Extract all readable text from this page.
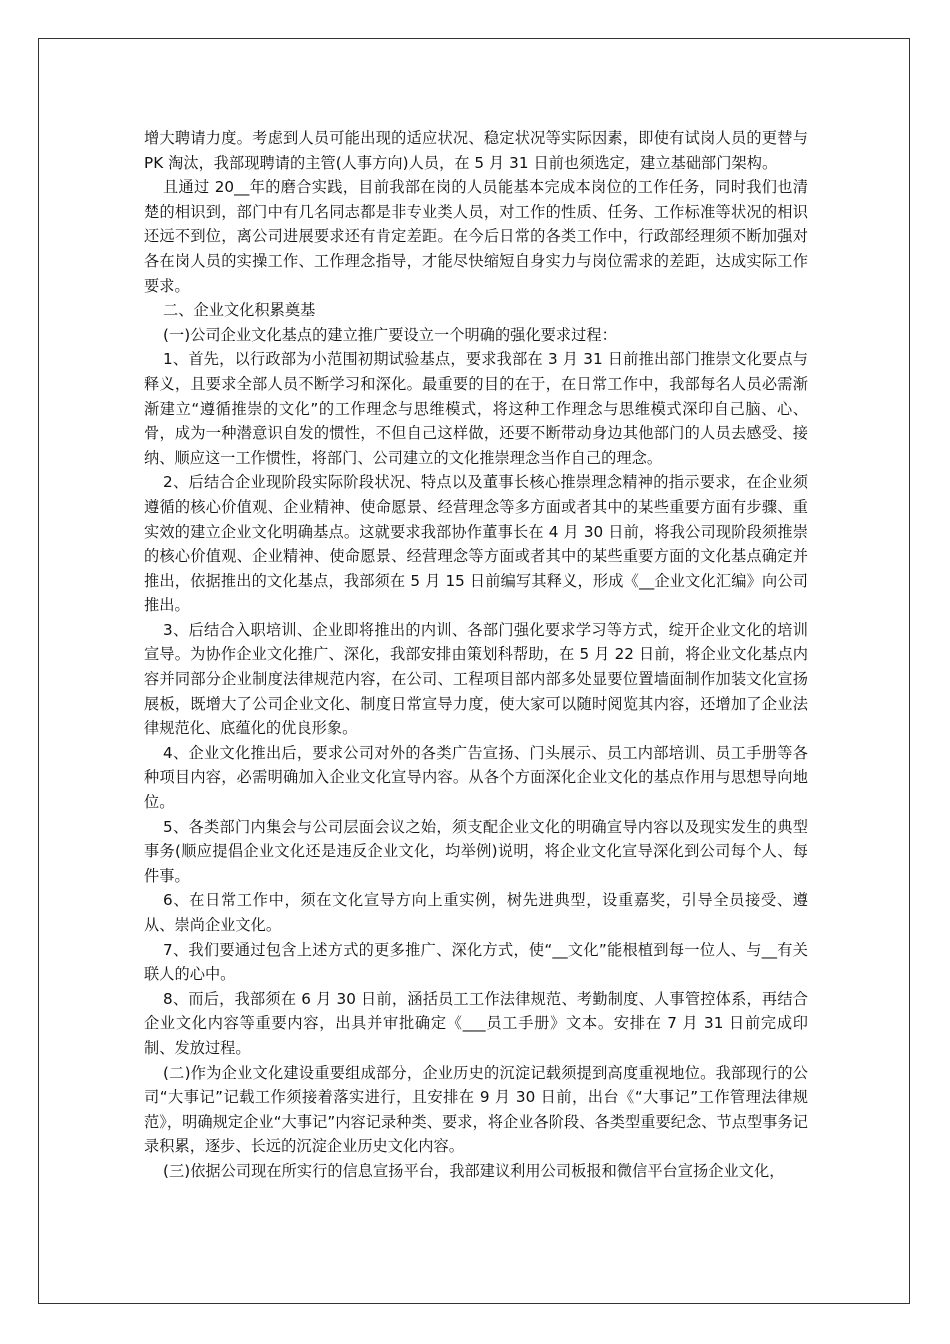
增大聘请力度。考虑到人员可能出现的适应状况、稳定状况等实际因素，即使有试岗人员的更替与 PK 淘汰，我部现聘请的主管(人事方向)人员，在 5 月 31 日前也须选定，建立基础部门架构。

且通过 20__年的磨合实践，目前我部在岗的人员能基本完成本岗位的工作任务，同时我们也清楚的相识到，部门中有几名同志都是非专业类人员，对工作的性质、任务、工作标准等状况的相识还远不到位，离公司进展要求还有肯定差距。在今后日常的各类工作中，行政部经理须不断加强对各在岗人员的实操工作、工作理念指导，才能尽快缩短自身实力与岗位需求的差距，达成实际工作要求。

二、企业文化积累奠基

(一)公司企业文化基点的建立推广要设立一个明确的强化要求过程：

1、首先，以行政部为小范围初期试验基点，要求我部在 3 月 31 日前推出部门推崇文化要点与释义，且要求全部人员不断学习和深化。最重要的目的在于，在日常工作中，我部每名人员必需渐渐建立“遵循推崇的文化”的工作理念与思维模式，将这种工作理念与思维模式深印自己脑、心、骨，成为一种潜意识自发的惯性，不但自己这样做，还要不断带动身边其他部门的人员去感受、接纳、顺应这一工作惯性，将部门、公司建立的文化推崇理念当作自己的理念。

2、后结合企业现阶段实际阶段状况、特点以及董事长核心推崇理念精神的指示要求，在企业须遵循的核心价值观、企业精神、使命愿景、经营理念等多方面或者其中的某些重要方面有步骤、重实效的建立企业文化明确基点。这就要求我部协作董事长在 4 月 30 日前，将我公司现阶段须推崇的核心价值观、企业精神、使命愿景、经营理念等方面或者其中的某些重要方面的文化基点确定并推出，依据推出的文化基点，我部须在 5 月 15 日前编写其释义，形成《__企业文化汇编》向公司推出。

3、后结合入职培训、企业即将推出的内训、各部门强化要求学习等方式，绽开企业文化的培训宣导。为协作企业文化推广、深化，我部安排由策划科帮助，在 5 月 22 日前，将企业文化基点内容并同部分企业制度法律规范内容，在公司、工程项目部内部多处显要位置墙面制作加装文化宣扬展板，既增大了公司企业文化、制度日常宣导力度，使大家可以随时阅览其内容，还增加了企业法律规范化、底蕴化的优良形象。

4、企业文化推出后，要求公司对外的各类广告宣扬、门头展示、员工内部培训、员工手册等各种项目内容，必需明确加入企业文化宣导内容。从各个方面深化企业文化的基点作用与思想导向地位。

5、各类部门内集会与公司层面会议之始，须支配企业文化的明确宣导内容以及现实发生的典型事务(顺应提倡企业文化还是违反企业文化，均举例)说明，将企业文化宣导深化到公司每个人、每件事。

6、在日常工作中，须在文化宣导方向上重实例，树先进典型，设重嘉奖，引导全员接受、遵从、崇尚企业文化。

7、我们要通过包含上述方式的更多推广、深化方式，使“__文化”能根植到每一位人、与__有关联人的心中。

8、而后，我部须在 6 月 30 日前，涵括员工工作法律规范、考勤制度、人事管控体系，再结合企业文化内容等重要内容，出具并审批确定《___员工手册》文本。安排在 7 月 31 日前完成印制、发放过程。

(二)作为企业文化建设重要组成部分，企业历史的沉淀记载须提到高度重视地位。我部现行的公司“大事记”记载工作须接着落实进行，且安排在 9 月 30 日前，出台《“大事记”工作管理法律规范》，明确规定企业“大事记”内容记录种类、要求，将企业各阶段、各类型重要纪念、节点型事务记录积累，逐步、长远的沉淀企业历史文化内容。

(三)依据公司现在所实行的信息宣扬平台，我部建议利用公司板报和微信平台宣扬企业文化，
